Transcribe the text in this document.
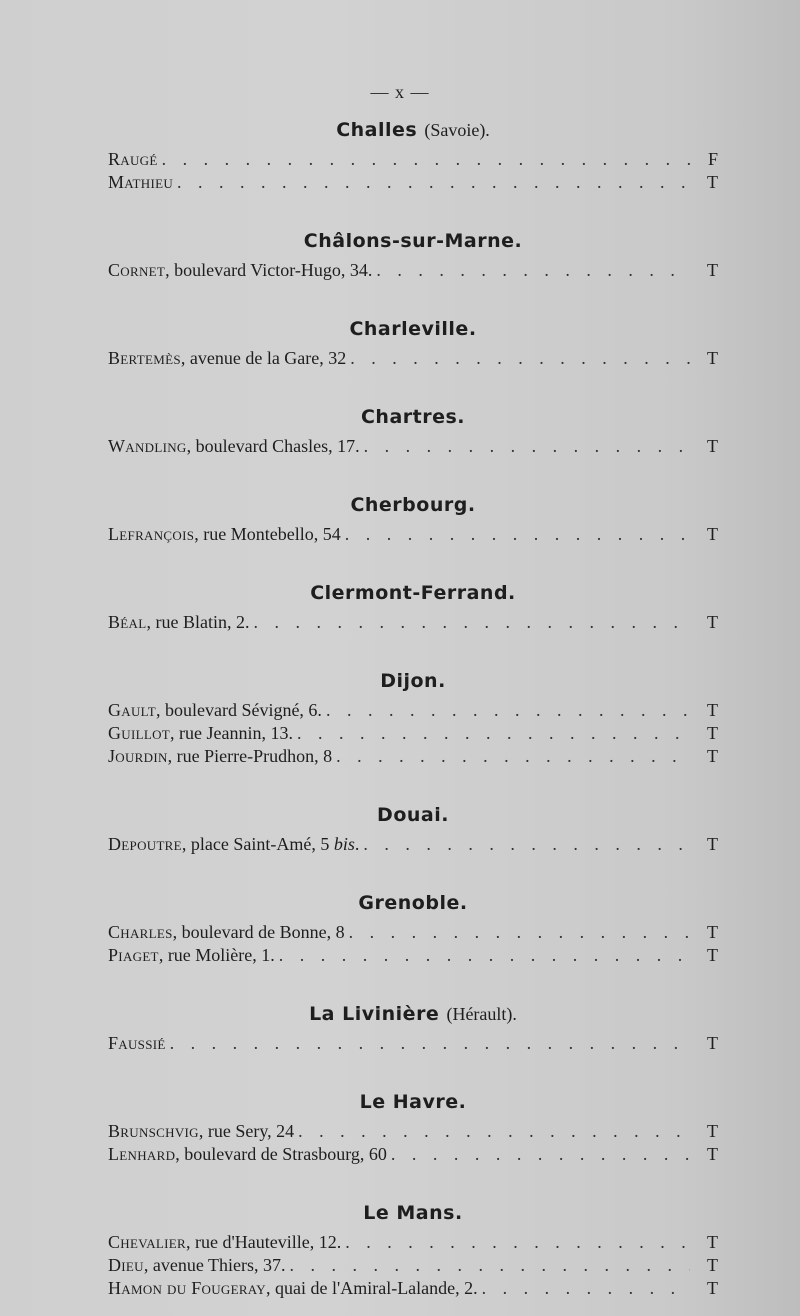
— x —
Challes (Savoie).
Raugé . . .	F
Mathieu . . .	T
Châlons-sur-Marne.
Cornet , boulevard Victor-Hugo, 34. . . .	T
Charleville.
Bertemès , avenue de la Gare, 32 . . .	T
Chartres.
Wandling , boulevard Chasles, 17. . . .	T
Cherbourg.
Lefrançois , rue Montebello, 54 . . .	T
Clermont-Ferrand.
Béal , rue Blatin, 2. . . .	T
Dijon.
Gault , boulevard Sévigné, 6. . . .	T
Guillot , rue Jeannin, 13. . . .	T
Jourdin , rue Pierre-Prudhon, 8 . . .	T
Douai.
Depoutre , place Saint-Amé, 5 bis. . . .	T
Grenoble.
Charles , boulevard de Bonne, 8 . . .	T
Piaget , rue Molière, 1. . . .	T
La Livinière (Hérault).
Faussié . . .	T
Le Havre.
Brunschvig , rue Sery, 24 . . .	T
Lenhard , boulevard de Strasbourg, 60 . . .	T
Le Mans.
Chevalier , rue d'Hauteville, 12. . . .	T
Dieu , avenue Thiers, 37. . . .	T
Hamon du Fougeray , quai de l'Amiral-Lalande, 2. . . .	T
